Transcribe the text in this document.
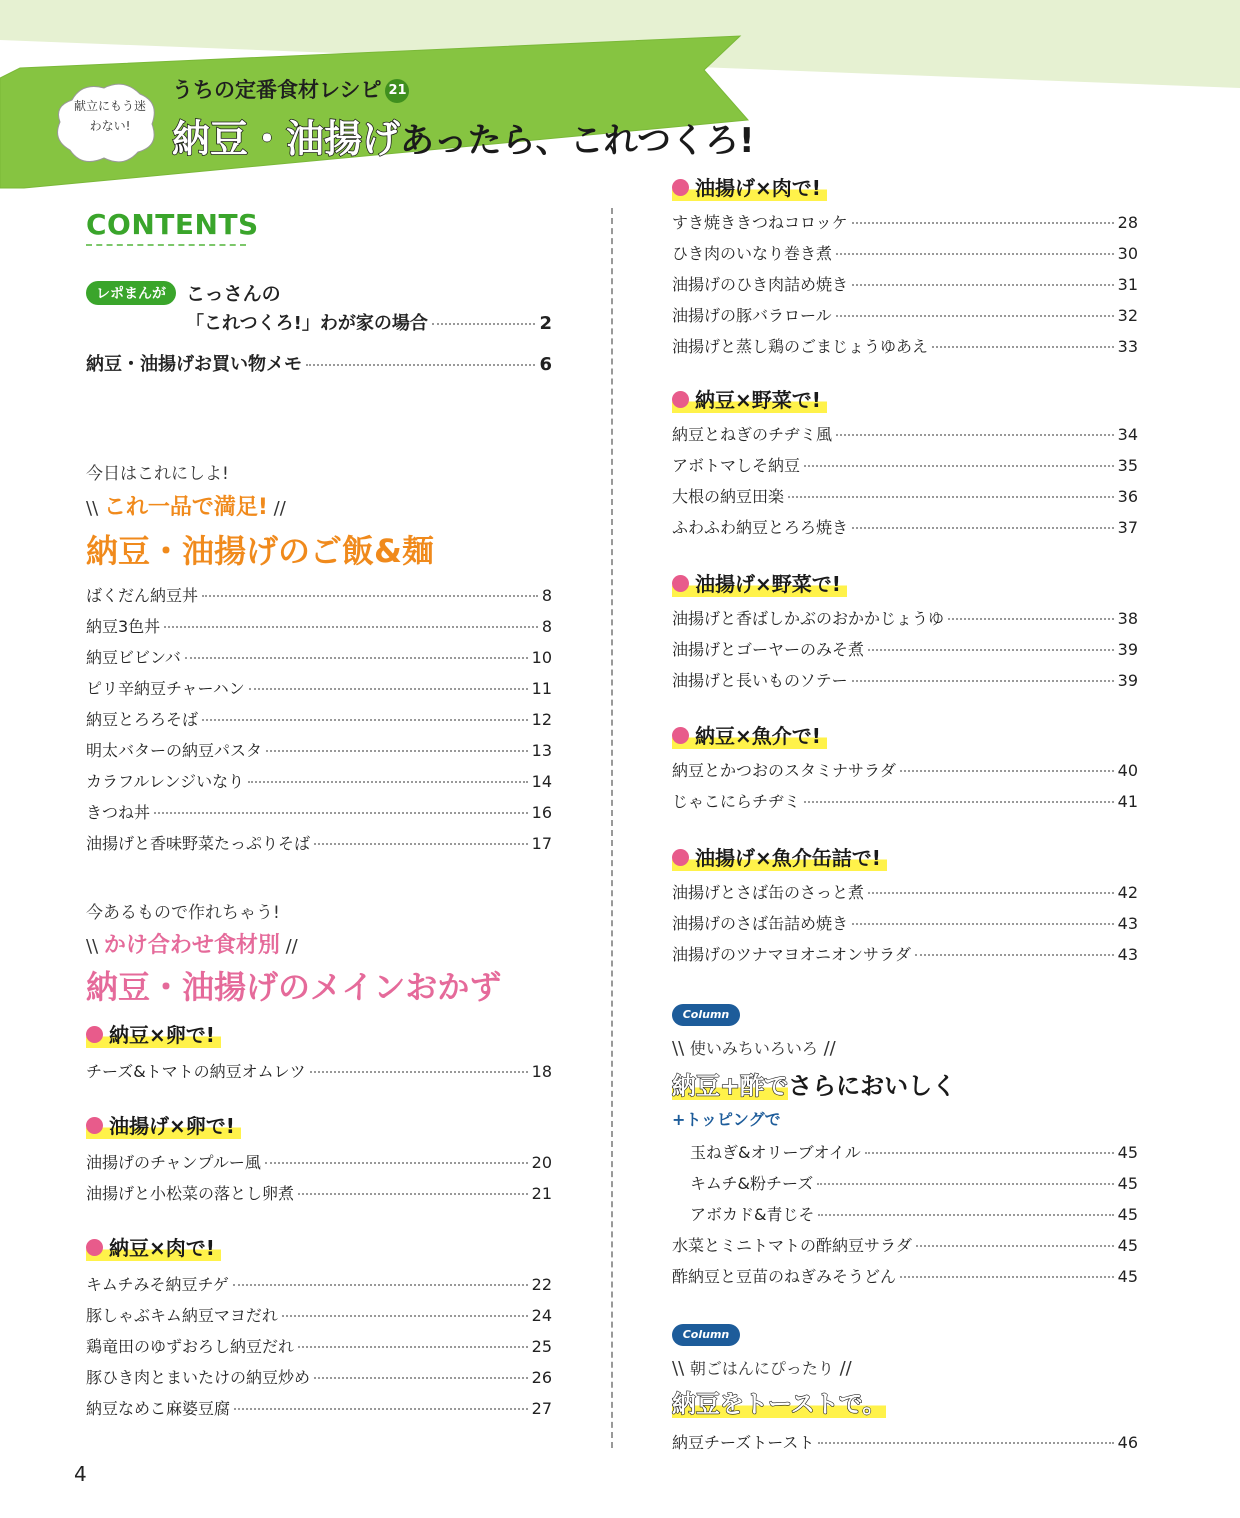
献立にもう迷わない!
うちの定番食材レシピ 21
納豆・油揚げあったら、これつくろ!
CONTENTS
レポまんが	こっさんの
「これつくろ!」わが家の場合	2
納豆・油揚げお買い物メモ	6
今日はこれにしよ!
\\ これ一品で満足! //
納豆・油揚げのご飯&麺
今あるもので作れちゃう!
\\ かけ合わせ食材別 //
納豆・油揚げのメインおかず
Column
\\ 使いみちいろいろ //
納豆+酢でさらにおいしく
+トッピングで
Column
\\ 朝ごはんにぴったり //
納豆をトーストで。
4
ばくだん納豆丼	8
納豆3色丼	8
納豆ビビンバ	10
ピリ辛納豆チャーハン	11
納豆とろろそば	12
明太バターの納豆パスタ	13
カラフルレンジいなり	14
きつね丼	16
油揚げと香味野菜たっぷりそば	17
納豆×卵で!
チーズ&トマトの納豆オムレツ	18
油揚げ×卵で!
油揚げのチャンプルー風	20
油揚げと小松菜の落とし卵煮	21
納豆×肉で!
キムチみそ納豆チゲ	22
豚しゃぶキム納豆マヨだれ	24
鶏竜田のゆずおろし納豆だれ	25
豚ひき肉とまいたけの納豆炒め	26
納豆なめこ麻婆豆腐	27
油揚げ×肉で!
すき焼ききつねコロッケ	28
ひき肉のいなり巻き煮	30
油揚げのひき肉詰め焼き	31
油揚げの豚バラロール	32
油揚げと蒸し鶏のごまじょうゆあえ	33
納豆×野菜で!
納豆とねぎのチヂミ風	34
アボトマしそ納豆	35
大根の納豆田楽	36
ふわふわ納豆とろろ焼き	37
油揚げ×野菜で!
油揚げと香ばしかぶのおかかじょうゆ	38
油揚げとゴーヤーのみそ煮	39
油揚げと長いものソテー	39
納豆×魚介で!
納豆とかつおのスタミナサラダ	40
じゃこにらチヂミ	41
油揚げ×魚介缶詰で!
油揚げとさば缶のさっと煮	42
油揚げのさば缶詰め焼き	43
油揚げのツナマヨオニオンサラダ	43
玉ねぎ&オリーブオイル	45
キムチ&粉チーズ	45
アボカド&青じそ	45
水菜とミニトマトの酢納豆サラダ	45
酢納豆と豆苗のねぎみそうどん	45
納豆チーズトースト	46
